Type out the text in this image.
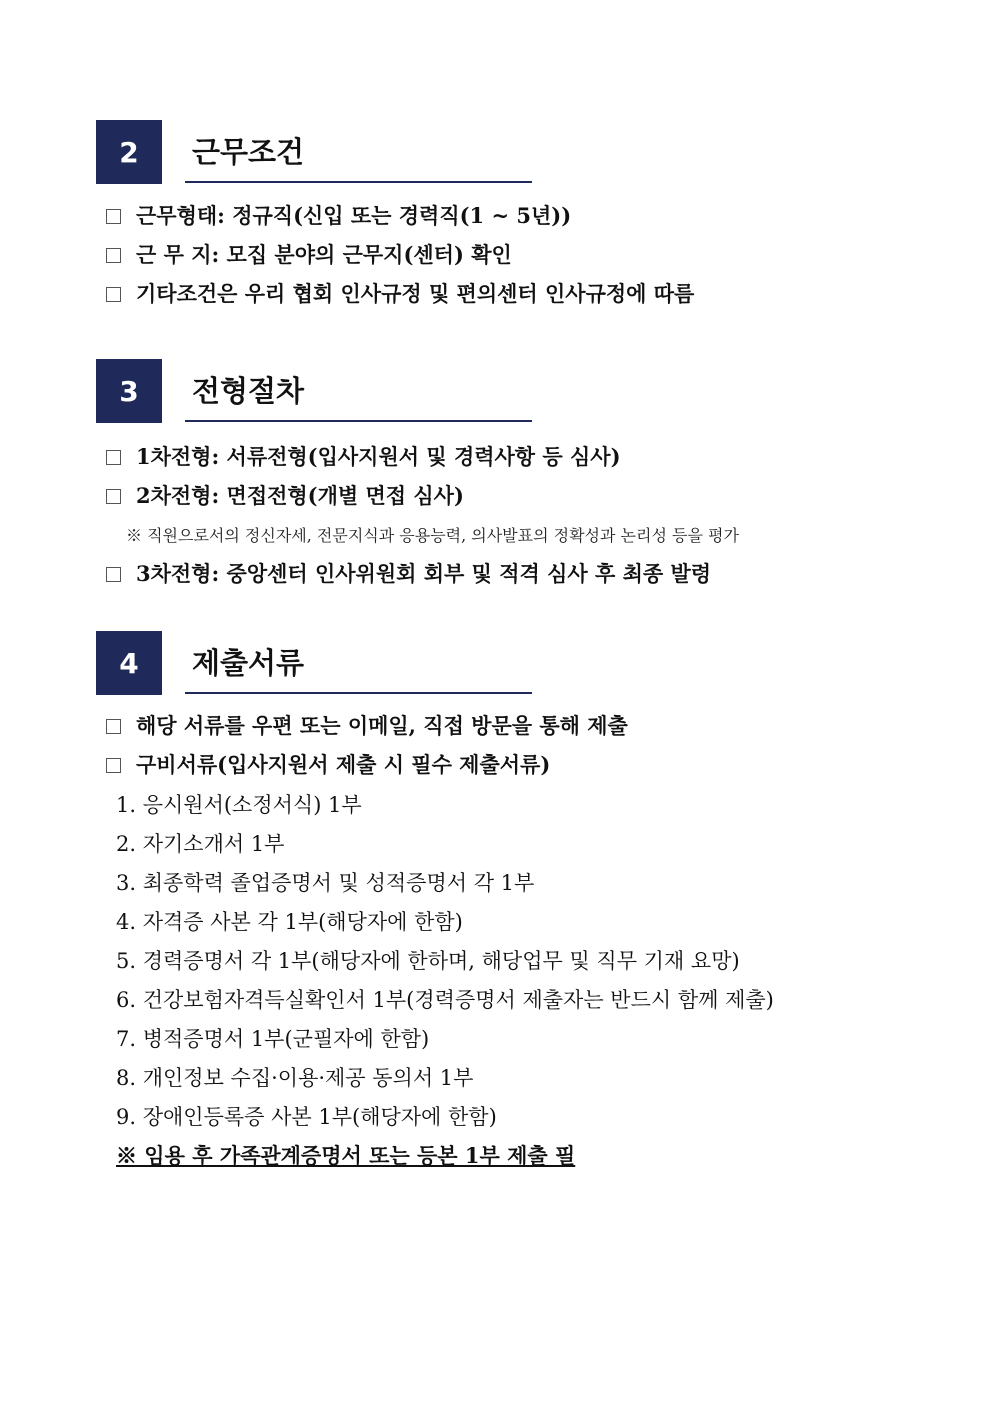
2	근무조건
근무형태: 정규직(신입 또는 경력직(1 ~ 5년))
근 무 지: 모집 분야의 근무지(센터) 확인
기타조건은 우리 협회 인사규정 및 편의센터 인사규정에 따름
3	전형절차
1차전형: 서류전형(입사지원서 및 경력사항 등 심사)
2차전형: 면접전형(개별 면접 심사)
※ 직원으로서의 정신자세, 전문지식과 응용능력, 의사발표의 정확성과 논리성 등을 평가
3차전형: 중앙센터 인사위원회 회부 및 적격 심사 후 최종 발령
4	제출서류
해당 서류를 우편 또는 이메일, 직접 방문을 통해 제출
구비서류(입사지원서 제출 시 필수 제출서류)
1. 응시원서(소정서식) 1부
2. 자기소개서 1부
3. 최종학력 졸업증명서 및 성적증명서 각 1부
4. 자격증 사본 각 1부(해당자에 한함)
5. 경력증명서 각 1부(해당자에 한하며, 해당업무 및 직무 기재 요망)
6. 건강보험자격득실확인서 1부(경력증명서 제출자는 반드시 함께 제출)
7. 병적증명서 1부(군필자에 한함)
8. 개인정보 수집·이용·제공 동의서 1부
9. 장애인등록증 사본 1부(해당자에 한함)
※ 임용 후 가족관계증명서 또는 등본 1부 제출 필
